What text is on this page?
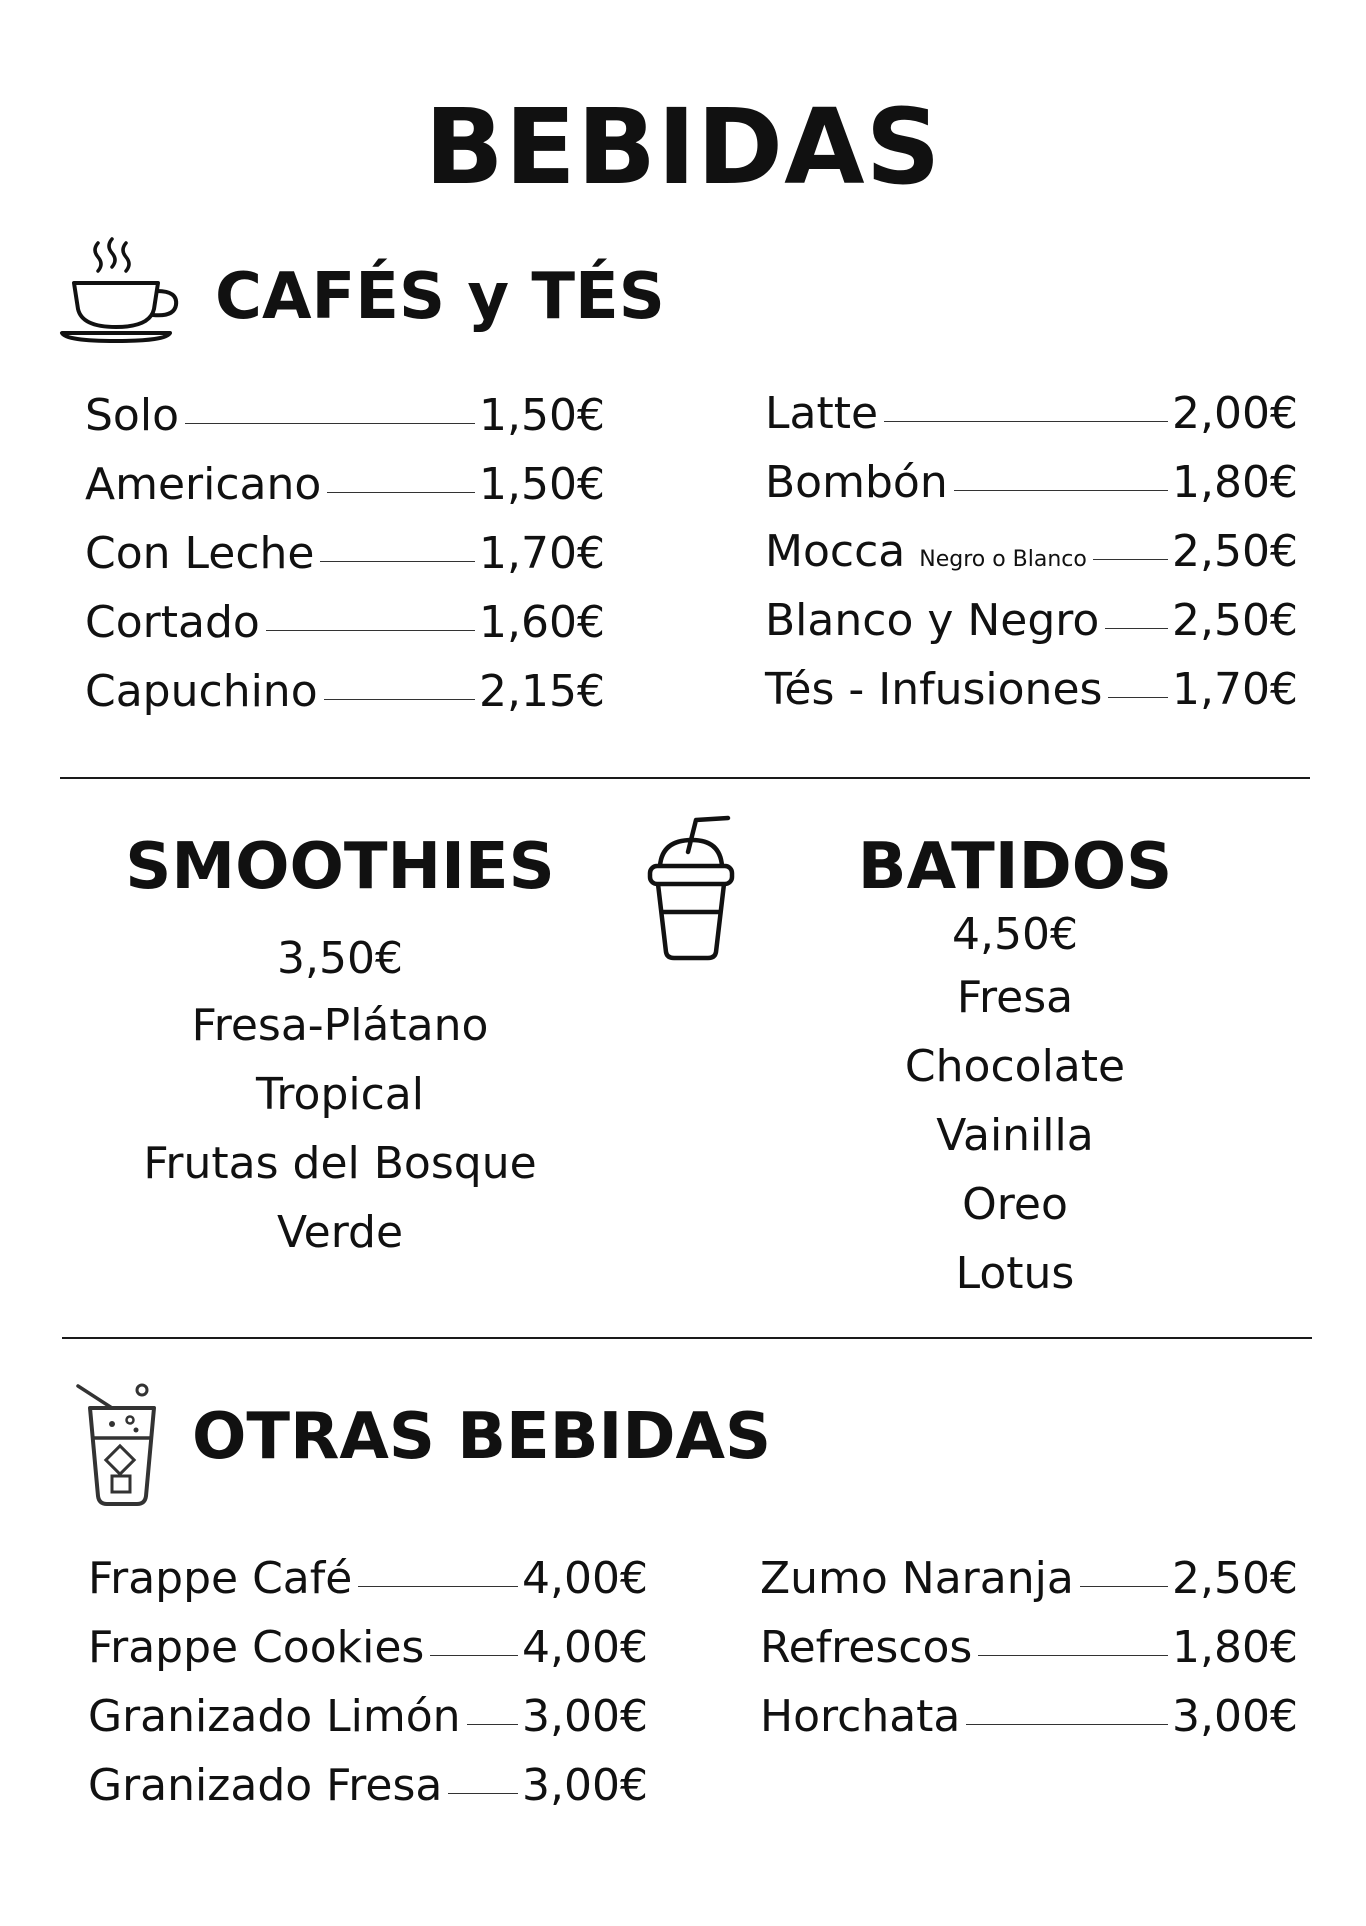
BEBIDAS
CAFÉS y TÉS
Solo	1,50€
Americano	1,50€
Con Leche	1,70€
Cortado	1,60€
Capuchino	2,15€
Latte	2,00€
Bombón	1,80€
Mocca Negro o Blanco 2,50€
Blanco y Negro 2,50€
Tés - Infusiones 1,70€
SMOOTHIES
3,50€
Fresa-Plátano
Tropical
Frutas del Bosque
Verde
BATIDOS
4,50€
Fresa
Chocolate
Vainilla
Oreo
Lotus
OTRAS BEBIDAS
Frappe Café	4,00€
Frappe Cookies 4,00€
Granizado Limón 3,00€
Granizado Fresa 3,00€
Zumo Naranja 2,50€
Refrescos	1,80€
Horchata	3,00€
